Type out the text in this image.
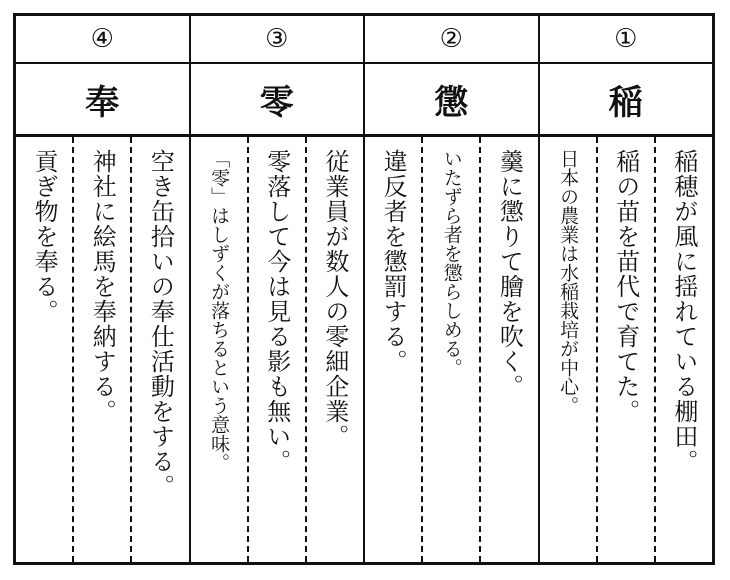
④
奉
空き缶拾いの奉仕活動をする。
神社に絵馬を奉納する。
貢ぎ物を奉る。
③
零
従業員が数人の零細企業。
零落して今は見る影も無い。
「零」はしずくが落ちるという意味。
②
懲
羹に懲りて膾を吹く。
いたずら者を懲らしめる。
違反者を懲罰する。
①
稲
稲穂が風に揺れている棚田。
稲の苗を苗代で育てた。
日本の農業は水稲栽培が中心。
